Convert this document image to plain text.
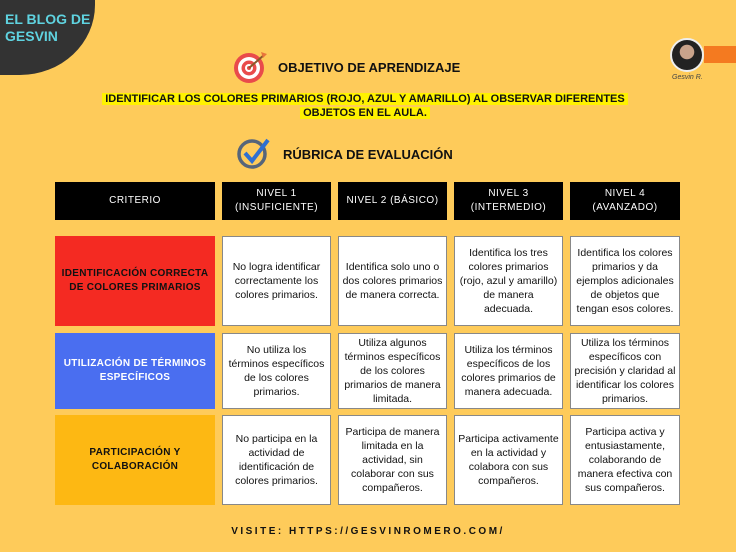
EL BLOG DE
GESVIN
Gesvin R.
OBJETIVO DE APRENDIZAJE
IDENTIFICAR LOS COLORES PRIMARIOS (ROJO, AZUL Y AMARILLO) AL OBSERVAR DIFERENTES
OBJETOS EN EL AULA.
RÚBRICA DE EVALUACIÓN
CRITERIO
NIVEL 1 (INSUFICIENTE)
NIVEL 2 (BÁSICO)
NIVEL 3 (INTERMEDIO)
NIVEL 4 (AVANZADO)
IDENTIFICACIÓN CORRECTA DE COLORES PRIMARIOS
No logra identificar correctamente los colores primarios.
Identifica solo uno o dos colores primarios de manera correcta.
Identifica los tres colores primarios (rojo, azul y amarillo) de manera adecuada.
Identifica los colores primarios y da ejemplos adicionales de objetos que tengan esos colores.
UTILIZACIÓN DE TÉRMINOS ESPECÍFICOS
No utiliza los términos específicos de los colores primarios.
Utiliza algunos términos específicos de los colores primarios de manera limitada.
Utiliza los términos específicos de los colores primarios de manera adecuada.
Utiliza los términos específicos con precisión y claridad al identificar los colores primarios.
PARTICIPACIÓN Y COLABORACIÓN
No participa en la actividad de identificación de colores primarios.
Participa de manera limitada en la actividad, sin colaborar con sus compañeros.
Participa activamente en la actividad y colabora con sus compañeros.
Participa activa y entusiastamente, colaborando de manera efectiva con sus compañeros.
VISITE: HTTPS://GESVINROMERO.COM/
